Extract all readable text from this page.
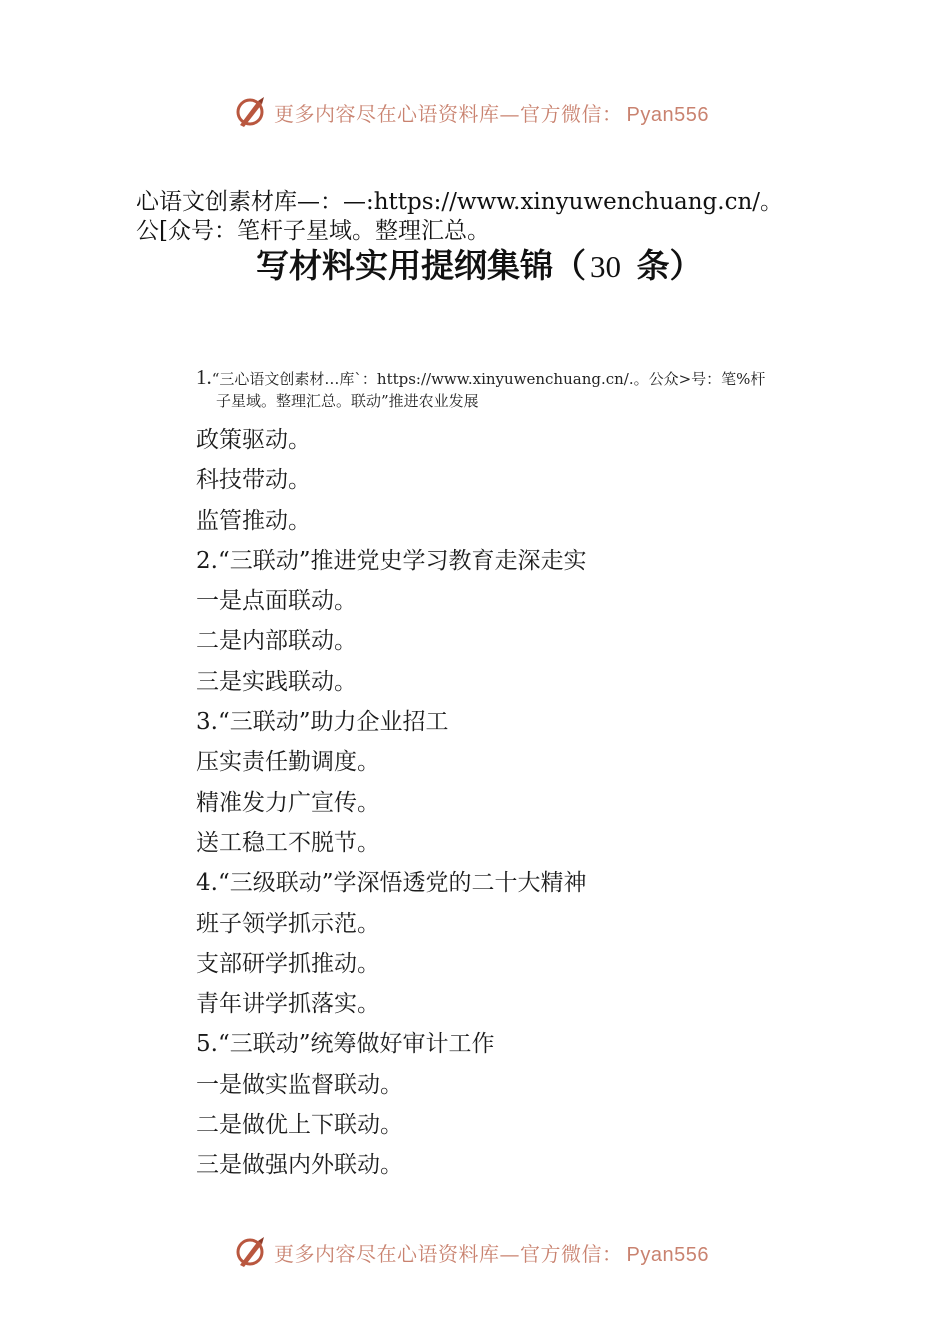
更多内容尽在心语资料库—官方微信： Pyan556
心语文创素材库—：—:https://www.xinyuwenchuang.cn/。
公[众号：笔杆子星域。整理汇总。
写材料实用提纲集锦（ 30 条）
1.“三心语文创素材…库`：https://www.xinyuwenchuang.cn/.。公众>号：笔%杆
子星域。整理汇总。联动”推进农业发展
政策驱动。
科技带动。
监管推动。
2.“三联动”推进党史学习教育走深走实
一是点面联动。
二是内部联动。
三是实践联动。
3.“三联动”助力企业招工
压实责任勤调度。
精准发力广宣传。
送工稳工不脱节。
4.“三级联动”学深悟透党的二十大精神
班子领学抓示范。
支部研学抓推动。
青年讲学抓落实。
5.“三联动”统筹做好审计工作
一是做实监督联动。
二是做优上下联动。
三是做强内外联动。
更多内容尽在心语资料库—官方微信： Pyan556
